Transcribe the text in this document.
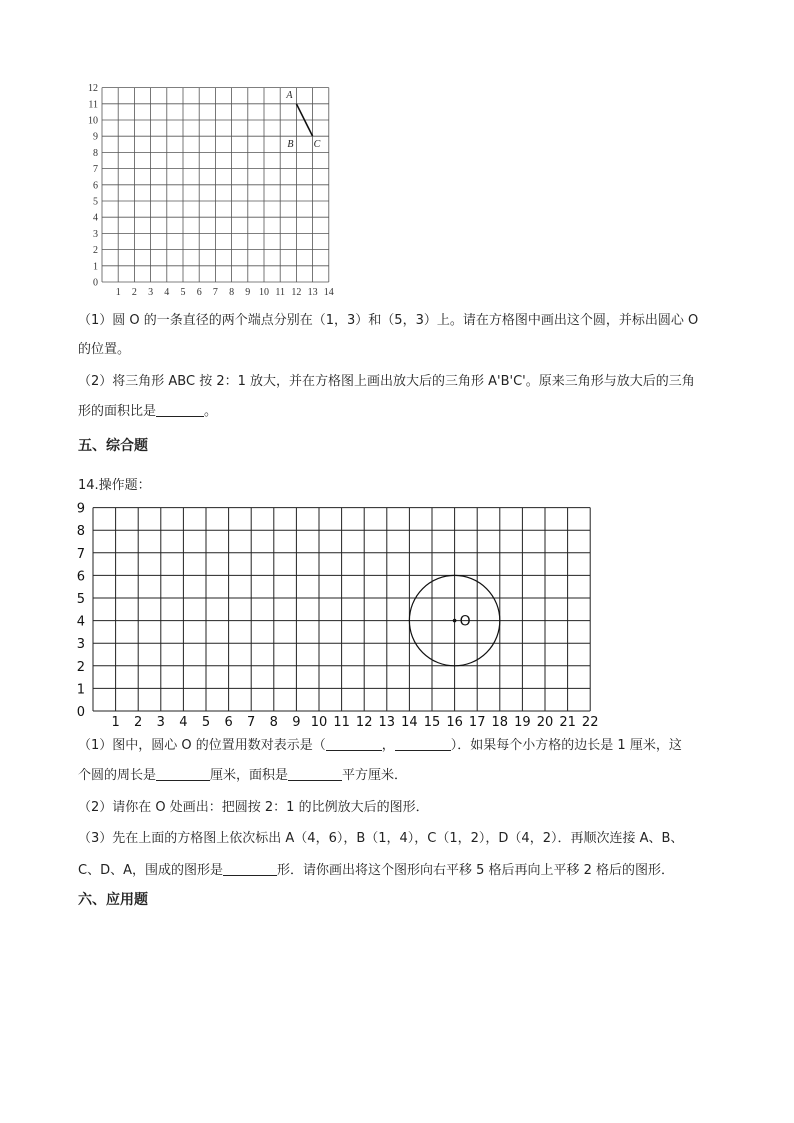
0
1
2
3
4
5
6
7
8
9
10
11
12
1 2 3 4 5 6 7 8 9 10 11 12 13 14
A
B C
（1）圆 O 的一条直径的两个端点分别在（1，3）和（5，3）上。请在方格图中画出这个圆，并标出圆心 O
的位置。
（2）将三角形 ABC 按 2：1 放大，并在方格图上画出放大后的三角形 A'B'C'。原来三角形与放大后的三角
形的面积比是	。
五、综合题
14.操作题：
0
1
2
3
4
5
6
7
8
9
1 2 3 4 5 6 7 8 9 10 11 12 13 14 15 16 17 18 19 20 21 22
O
（1）图中，圆心 O 的位置用数对表示是（	，	）．如果每个小方格的边长是 1 厘米，这
个圆的周长是	厘米，面积是	平方厘米．
（2）请你在 O 处画出：把圆按 2：1 的比例放大后的图形．
（3）先在上面的方格图上依次标出 A（4，6），B（1，4），C（1，2），D（4，2）．再顺次连接 A、B、
C、D、A，围成的图形是	形．请你画出将这个图形向右平移 5 格后再向上平移 2 格后的图形．
六、应用题
